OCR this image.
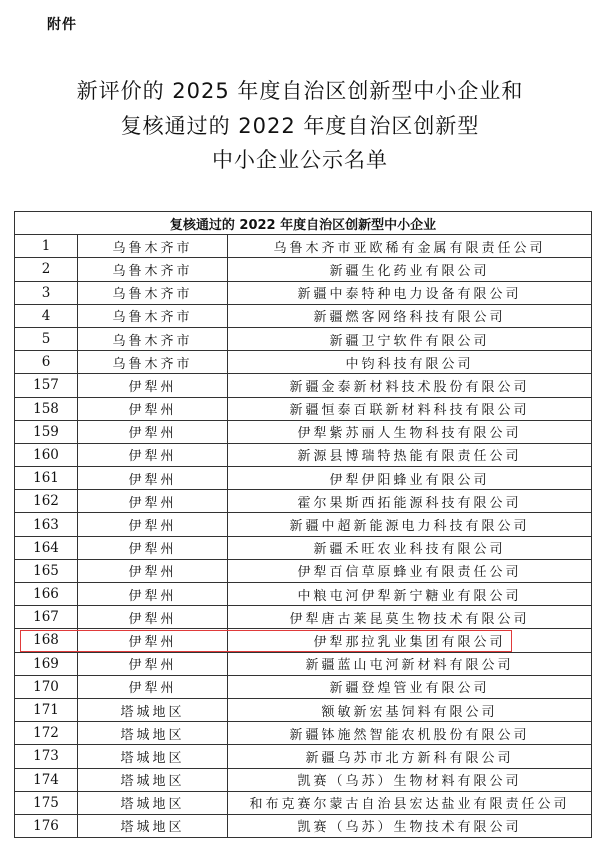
附件
新评价的 2025 年度自治区创新型中小企业和
复核通过的 2022 年度自治区创新型
中小企业公示名单
复核通过的 2022 年度自治区创新型中小企业		
1	乌鲁木齐市	乌鲁木齐市亚欧稀有金属有限责任公司
2	乌鲁木齐市	新疆生化药业有限公司
3	乌鲁木齐市	新疆中泰特种电力设备有限公司
4	乌鲁木齐市	新疆燃客网络科技有限公司
5	乌鲁木齐市	新疆卫宁软件有限公司
6	乌鲁木齐市	中钧科技有限公司
157	伊犁州	新疆金泰新材料技术股份有限公司
158	伊犁州	新疆恒泰百联新材料科技有限公司
159	伊犁州	伊犁紫苏丽人生物科技有限公司
160	伊犁州	新源县博瑞特热能有限责任公司
161	伊犁州	伊犁伊阳蜂业有限公司
162	伊犁州	霍尔果斯西拓能源科技有限公司
163	伊犁州	新疆中超新能源电力科技有限公司
164	伊犁州	新疆禾旺农业科技有限公司
165	伊犁州	伊犁百信草原蜂业有限责任公司
166	伊犁州	中粮屯河伊犁新宁糖业有限公司
167	伊犁州	伊犁唐古莱昆莫生物技术有限公司
168	伊犁州	伊犁那拉乳业集团有限公司
169	伊犁州	新疆蓝山屯河新材料有限公司
170	伊犁州	新疆登煌管业有限公司
171	塔城地区	额敏新宏基饲料有限公司
172	塔城地区	新疆钵施然智能农机股份有限公司
173	塔城地区	新疆乌苏市北方新科有限公司
174	塔城地区	凯赛（乌苏）生物材料有限公司
175	塔城地区	和布克赛尔蒙古自治县宏达盐业有限责任公司
176	塔城地区	凯赛（乌苏）生物技术有限公司
